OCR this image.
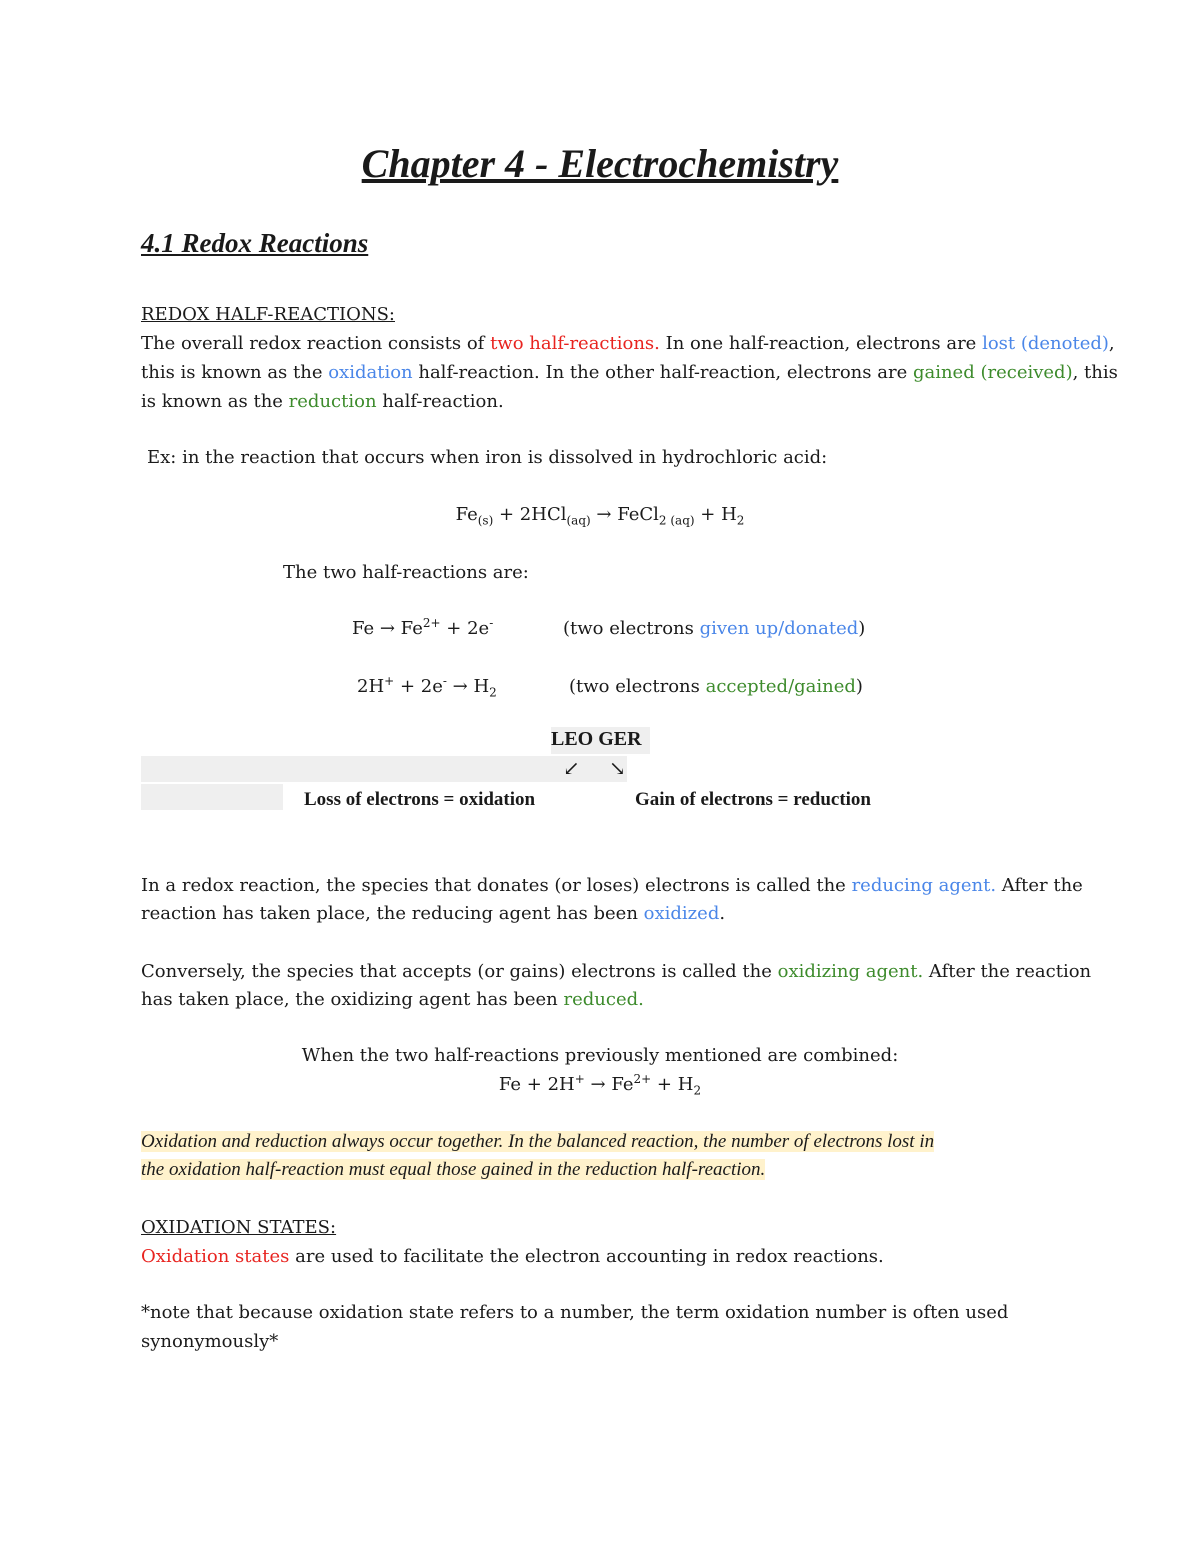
Chapter 4 - Electrochemistry
4.1 Redox Reactions
REDOX HALF-REACTIONS:
The overall redox reaction consists of two half-reactions. In one half-reaction, electrons are lost (denoted),
this is known as the oxidation half-reaction. In the other half-reaction, electrons are gained (received), this
is known as the reduction half-reaction.
Ex: in the reaction that occurs when iron is dissolved in hydrochloric acid:
$Fe_{(s)} + 2HCl_{(aq)}$ → FeCl$_{2 (aq)}$ + $H_2$
The two half-reactions are:
$Fe \to Fe^{2+} + 2e^-$	(two electrons given up/donated)
$2H^+ + 2e^- \to H_2$	(two electrons accepted/gained)
LEO GER
↙ ↘
Loss of electrons = oxidation	Gain of electrons = reduction
In a redox reaction, the species that donates (or loses) electrons is called the reducing agent. After the
reaction has taken place, the reducing agent has been oxidized.
Conversely, the species that accepts (or gains) electrons is called the oxidizing agent. After the reaction
has taken place, the oxidizing agent has been reduced.
When the two half-reactions previously mentioned are combined:
$Fe + 2H^+ \to Fe^{2+} + H_2$
Oxidation and reduction always occur together. In the balanced reaction, the number of electrons lost in
the oxidation half-reaction must equal those gained in the reduction half-reaction.
OXIDATION STATES:
Oxidation states are used to facilitate the electron accounting in redox reactions.
*note that because oxidation state refers to a number, the term oxidation number is often used
synonymously*
